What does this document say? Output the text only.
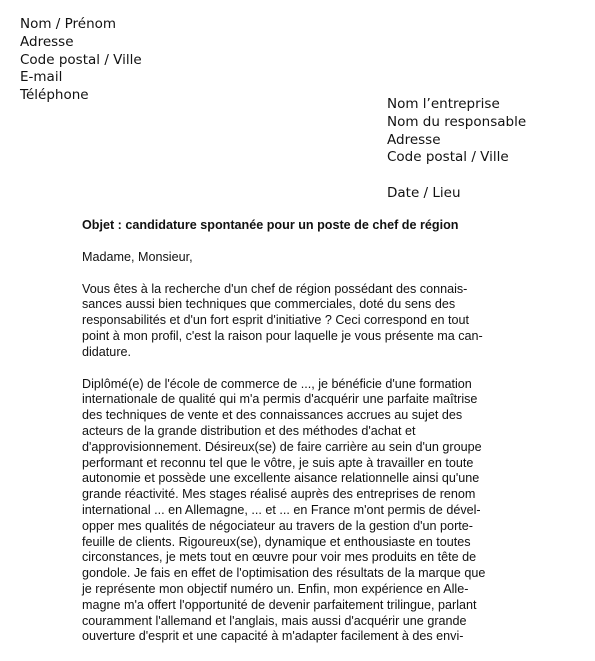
Nom / Prénom
Adresse
Code postal / Ville
E-mail
Téléphone
Nom l’entreprise
Nom du responsable
Adresse
Code postal / Ville
Date / Lieu
Objet : candidature spontanée pour un poste de chef de région
Madame, Monsieur,
Vous êtes à la recherche d'un chef de région possédant des connais-
sances aussi bien techniques que commerciales, doté du sens des
responsabilités et d'un fort esprit d'initiative ? Ceci correspond en tout
point à mon profil, c'est la raison pour laquelle je vous présente ma can-
didature.
Diplômé(e) de l'école de commerce de ..., je bénéficie d'une formation
internationale de qualité qui m'a permis d'acquérir une parfaite maîtrise
des techniques de vente et des connaissances accrues au sujet des
acteurs de la grande distribution et des méthodes d'achat et
d'approvisionnement. Désireux(se) de faire carrière au sein d'un groupe
performant et reconnu tel que le vôtre, je suis apte à travailler en toute
autonomie et possède une excellente aisance relationnelle ainsi qu'une
grande réactivité. Mes stages réalisé auprès des entreprises de renom
international ... en Allemagne, ... et ... en France m'ont permis de dével-
opper mes qualités de négociateur au travers de la gestion d'un porte-
feuille de clients. Rigoureux(se), dynamique et enthousiaste en toutes
circonstances, je mets tout en œuvre pour voir mes produits en tête de
gondole. Je fais en effet de l'optimisation des résultats de la marque que
je représente mon objectif numéro un. Enfin, mon expérience en Alle-
magne m'a offert l'opportunité de devenir parfaitement trilingue, parlant
couramment l'allemand et l'anglais, mais aussi d'acquérir une grande
ouverture d'esprit et une capacité à m'adapter facilement à des envi-
